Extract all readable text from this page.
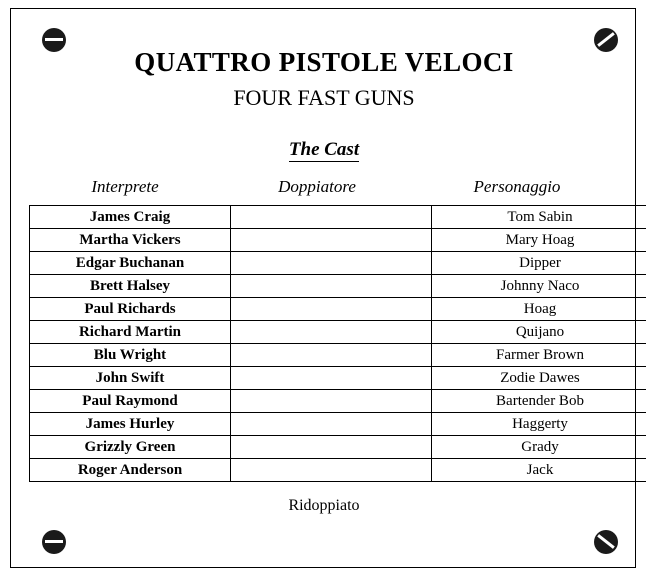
QUATTRO PISTOLE VELOCI
FOUR FAST GUNS
The Cast
Interprete	Doppiatore	Personaggio
James Craig		Tom Sabin
Martha Vickers		Mary Hoag
Edgar Buchanan		Dipper
Brett Halsey		Johnny Naco
Paul Richards		Hoag
Richard Martin		Quijano
Blu Wright		Farmer Brown
John Swift		Zodie Dawes
Paul Raymond		Bartender Bob
James Hurley		Haggerty
Grizzly Green		Grady
Roger Anderson		Jack
Ridoppiato
